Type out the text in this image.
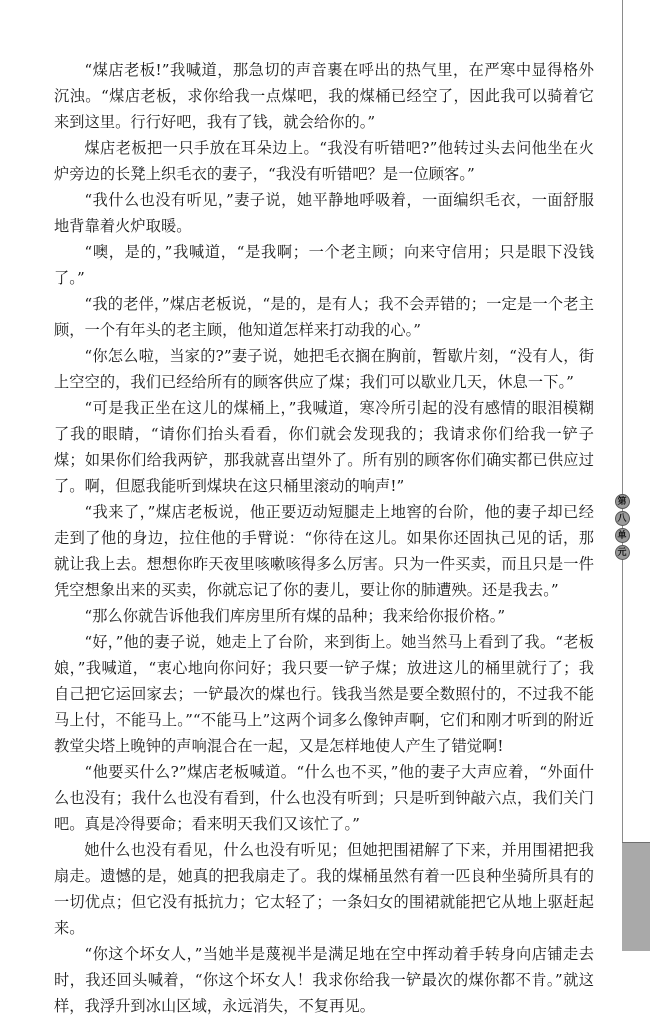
“煤店老板!”我喊道，那急切的声音裹在呼出的热气里，在严寒中显得格外沉浊。“煤店老板，求你给我一点煤吧，我的煤桶已经空了，因此我可以骑着它来到这里。行行好吧，我有了钱，就会给你的。”

煤店老板把一只手放在耳朵边上。“我没有听错吧?”他转过头去问他坐在火炉旁边的长凳上织毛衣的妻子，“我没有听错吧？是一位顾客。”

“我什么也没有听见，”妻子说，她平静地呼吸着，一面编织毛衣，一面舒服地背靠着火炉取暖。

“噢，是的，”我喊道，“是我啊；一个老主顾；向来守信用；只是眼下没钱了。”

“我的老伴，”煤店老板说，“是的，是有人；我不会弄错的；一定是一个老主顾，一个有年头的老主顾，他知道怎样来打动我的心。”

“你怎么啦，当家的?”妻子说，她把毛衣搁在胸前，暂歇片刻，“没有人，街上空空的，我们已经给所有的顾客供应了煤；我们可以歇业几天，休息一下。”

“可是我正坐在这儿的煤桶上，”我喊道，寒冷所引起的没有感情的眼泪模糊了我的眼睛，“请你们抬头看看，你们就会发现我的；我请求你们给我一铲子煤；如果你们给我两铲，那我就喜出望外了。所有别的顾客你们确实都已供应过了。啊，但愿我能听到煤块在这只桶里滚动的响声!”

“我来了，”煤店老板说，他正要迈动短腿走上地窖的台阶，他的妻子却已经走到了他的身边，拉住他的手臂说：“你待在这儿。如果你还固执己见的话，那就让我上去。想想你昨天夜里咳嗽咳得多么厉害。只为一件买卖，而且只是一件凭空想象出来的买卖，你就忘记了你的妻儿，要让你的肺遭殃。还是我去。”

“那么你就告诉他我们库房里所有煤的品种；我来给你报价格。”

“好，”他的妻子说，她走上了台阶，来到街上。她当然马上看到了我。“老板娘，”我喊道，“衷心地向你问好；我只要一铲子煤；放进这儿的桶里就行了；我自己把它运回家去；一铲最次的煤也行。钱我当然是要全数照付的，不过我不能马上付，不能马上。”“不能马上”这两个词多么像钟声啊，它们和刚才听到的附近教堂尖塔上晚钟的声响混合在一起，又是怎样地使人产生了错觉啊!

“他要买什么?”煤店老板喊道。“什么也不买，”他的妻子大声应着，“外面什么也没有；我什么也没有看到，什么也没有听到；只是听到钟敲六点，我们关门吧。真是冷得要命；看来明天我们又该忙了。”

她什么也没有看见，什么也没有听见；但她把围裙解了下来，并用围裙把我扇走。遗憾的是，她真的把我扇走了。我的煤桶虽然有着一匹良种坐骑所具有的一切优点；但它没有抵抗力；它太轻了；一条妇女的围裙就能把它从地上驱赶起来。

“你这个坏女人，”当她半是蔑视半是满足地在空中挥动着手转身向店铺走去时，我还回头喊着，“你这个坏女人！我求你给我一铲最次的煤你都不肯。”就这样，我浮升到冰山区域，永远消失，不复再见。

第
八
单
元
